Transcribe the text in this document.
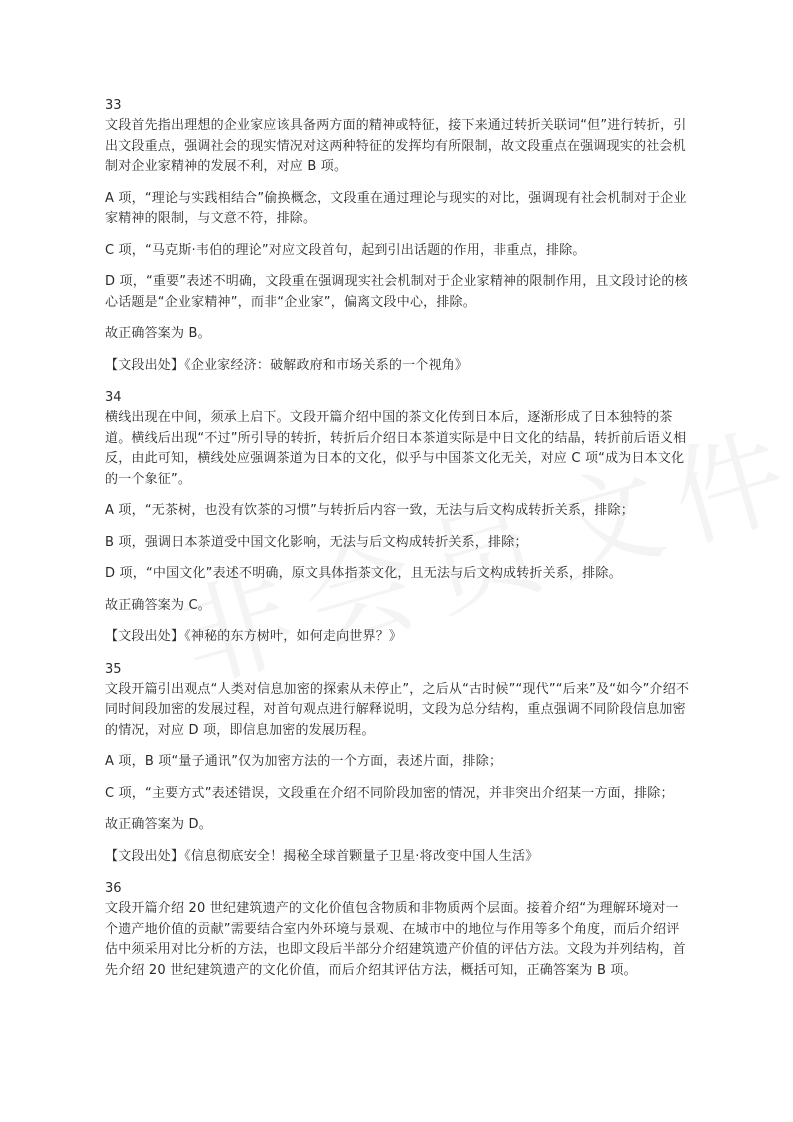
33

文段首先指出理想的企业家应该具备两方面的精神或特征，接下来通过转折关联词“但”进行转折，引出文段重点，强调社会的现实情况对这两种特征的发挥均有所限制，故文段重点在强调现实的社会机制对企业家精神的发展不利，对应 B 项。

A 项，“理论与实践相结合”偷换概念，文段重在通过理论与现实的对比，强调现有社会机制对于企业家精神的限制，与文意不符，排除。

C 项，“马克斯·韦伯的理论”对应文段首句，起到引出话题的作用，非重点，排除。

D 项，“重要”表述不明确，文段重在强调现实社会机制对于企业家精神的限制作用，且文段讨论的核心话题是“企业家精神”，而非“企业家”，偏离文段中心，排除。

故正确答案为 B。

【文段出处】《企业家经济：破解政府和市场关系的一个视角》

34

横线出现在中间，须承上启下。文段开篇介绍中国的茶文化传到日本后，逐渐形成了日本独特的茶道。横线后出现“不过”所引导的转折，转折后介绍日本茶道实际是中日文化的结晶，转折前后语义相反，由此可知，横线处应强调茶道为日本的文化，似乎与中国茶文化无关，对应 C 项“成为日本文化的一个象征”。

A 项，“无茶树，也没有饮茶的习惯”与转折后内容一致，无法与后文构成转折关系，排除；

B 项，强调日本茶道受中国文化影响，无法与后文构成转折关系，排除；

D 项，“中国文化”表述不明确，原文具体指茶文化，且无法与后文构成转折关系，排除。

故正确答案为 C。

【文段出处】《神秘的东方树叶，如何走向世界？》

35

文段开篇引出观点“人类对信息加密的探索从未停止”，之后从“古时候”“现代”“后来”及“如今”介绍不同时间段加密的发展过程，对首句观点进行解释说明，文段为总分结构，重点强调不同阶段信息加密的情况，对应 D 项，即信息加密的发展历程。

A 项，B 项“量子通讯”仅为加密方法的一个方面，表述片面，排除；

C 项，“主要方式”表述错误，文段重在介绍不同阶段加密的情况，并非突出介绍某一方面，排除；

故正确答案为 D。

【文段出处】《信息彻底安全！揭秘全球首颗量子卫星·将改变中国人生活》

36

文段开篇介绍 20 世纪建筑遗产的文化价值包含物质和非物质两个层面。接着介绍“为理解环境对一个遗产地价值的贡献”需要结合室内外环境与景观、在城市中的地位与作用等多个角度，而后介绍评估中须采用对比分析的方法，也即文段后半部分介绍建筑遗产价值的评估方法。文段为并列结构，首先介绍 20 世纪建筑遗产的文化价值，而后介绍其评估方法，概括可知，正确答案为 B 项。
